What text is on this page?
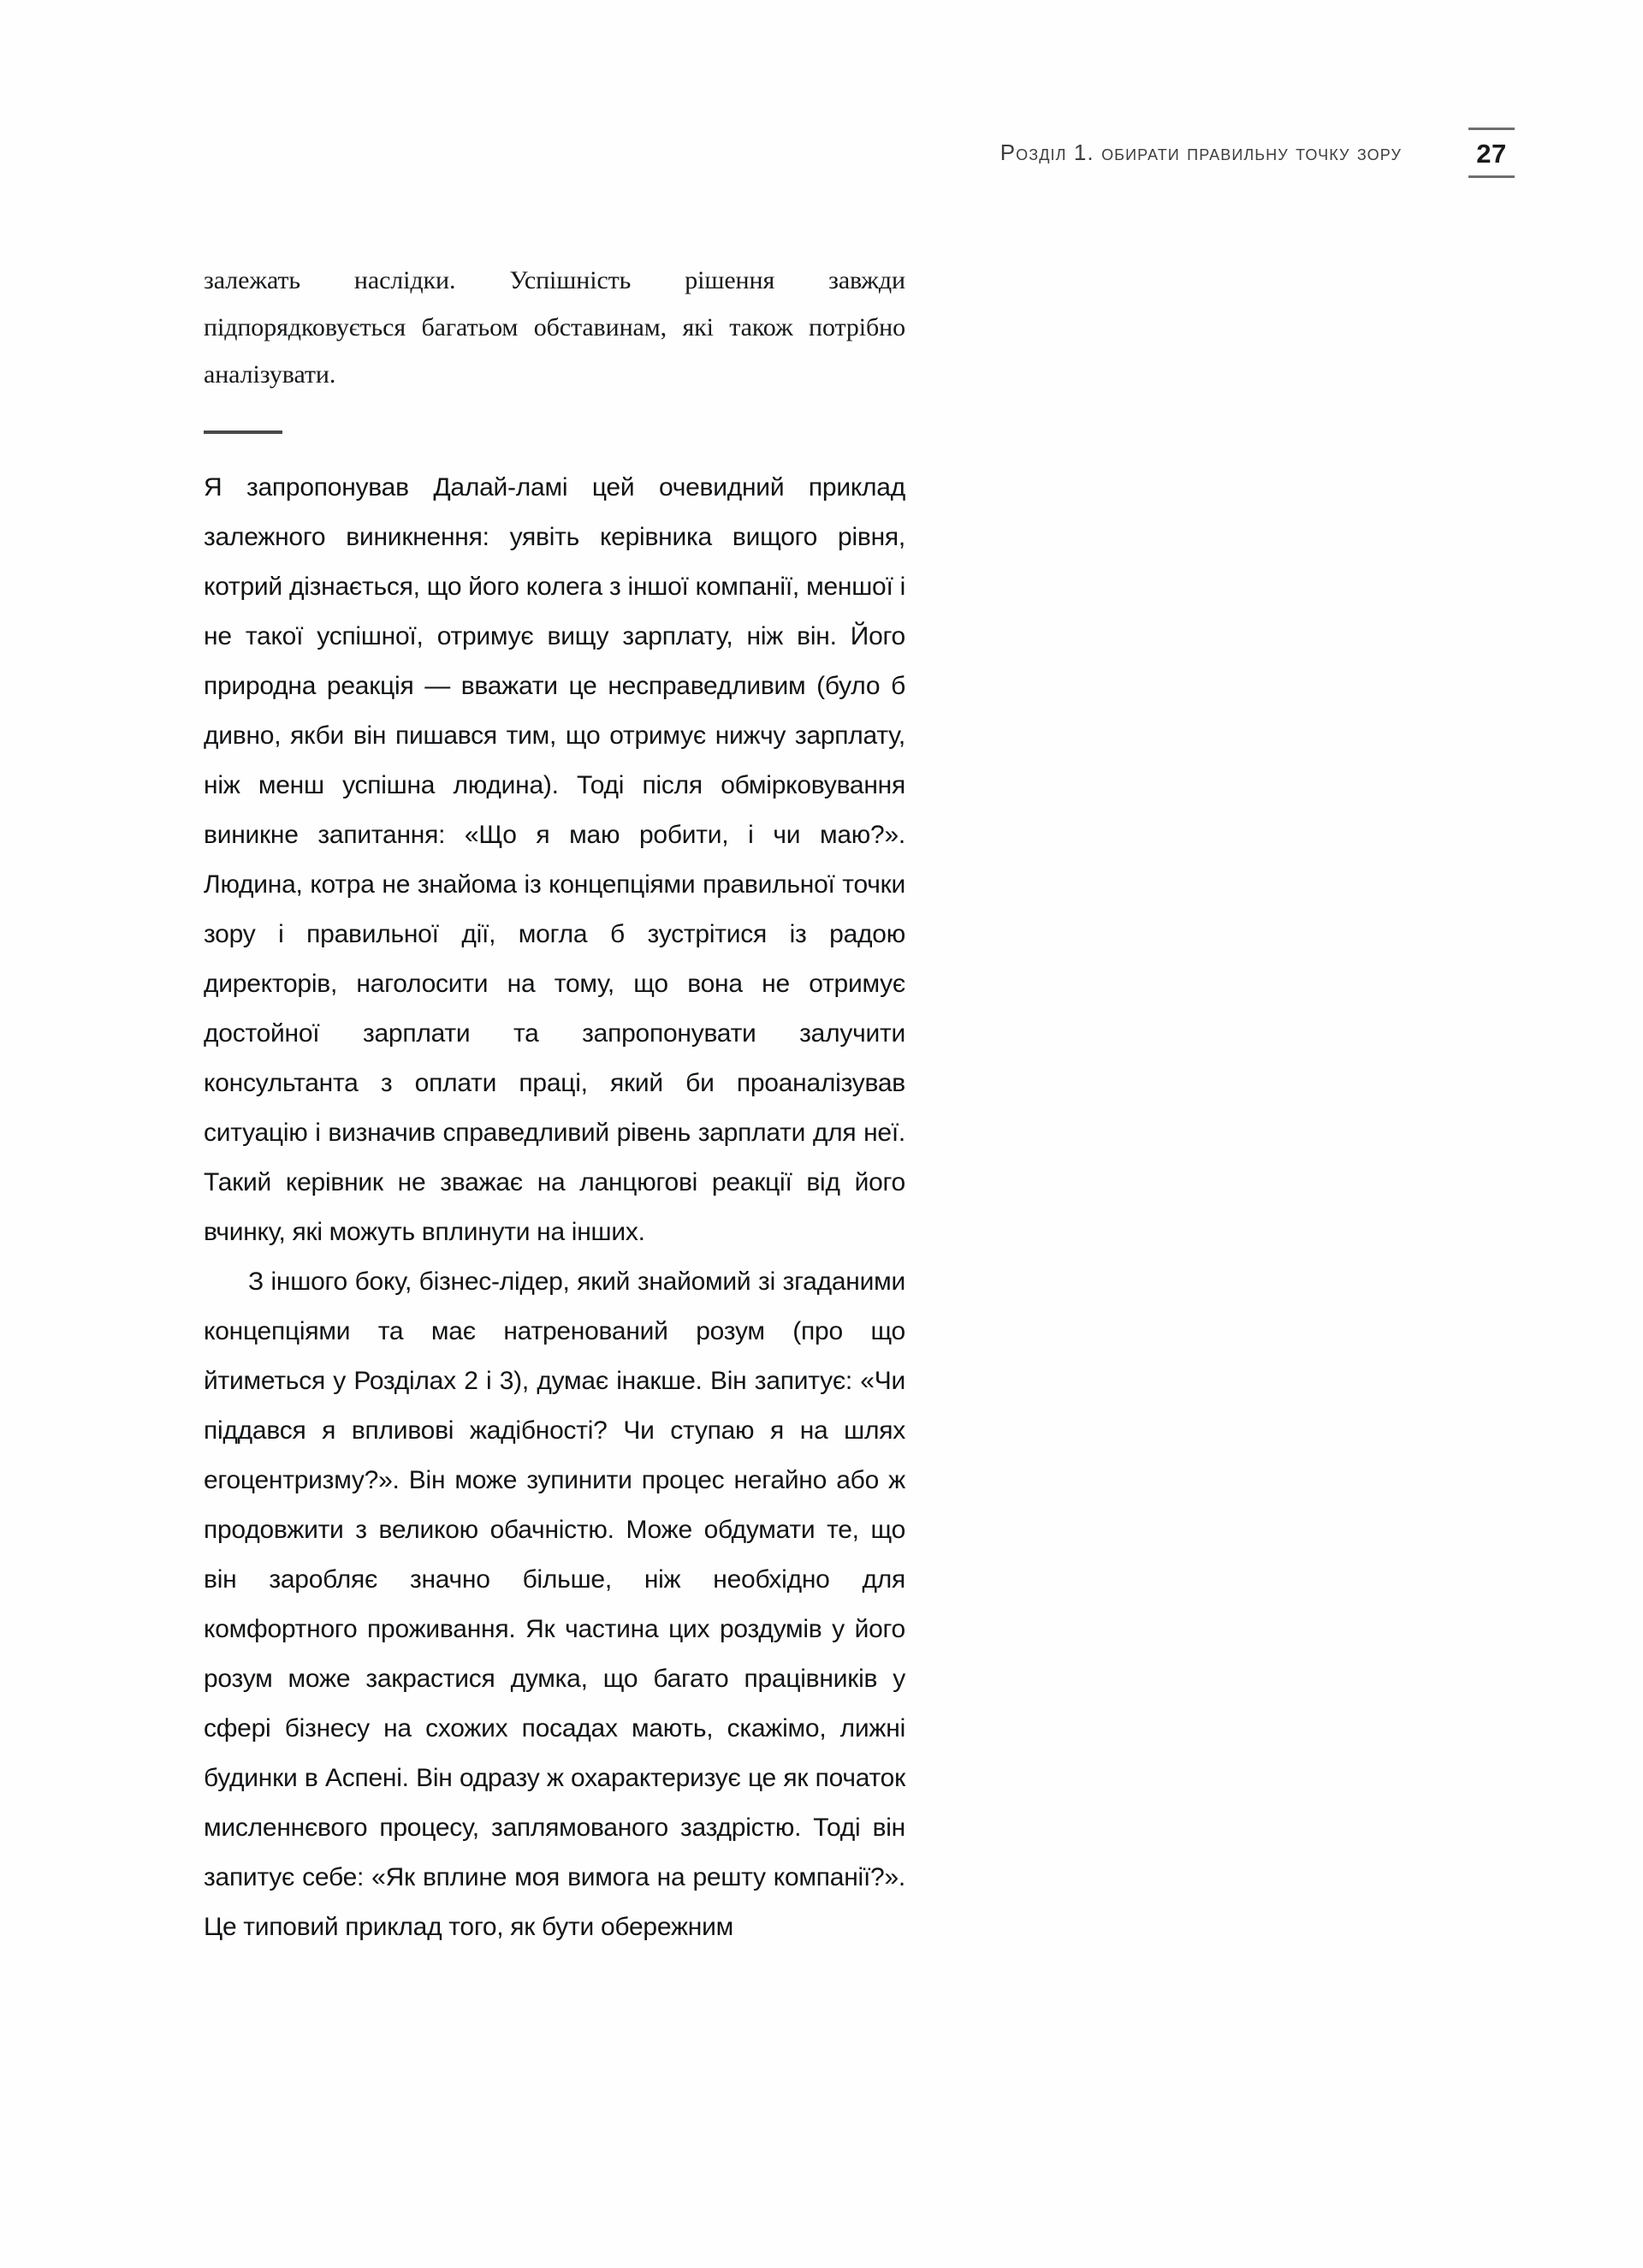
Розділ 1. обирати правильну точку зору	27

залежать наслідки. Успішність рішення завжди підпорядковується багатьом обставинам, які також потрібно аналізувати.

Я запропонував Далай-ламі цей очевидний приклад залежного виникнення: уявіть керівника вищого рівня, котрий дізнається, що його колега з іншої компанії, меншої і не такої успішної, отримує вищу зарплату, ніж він. Його природна реакція — вважати це несправедливим (було б дивно, якби він пишався тим, що отримує нижчу зарплату, ніж менш успішна людина). Тоді після обмірковування виникне запитання: «Що я маю робити, і чи маю?». Людина, котра не знайома із концепціями правильної точки зору і правильної дії, могла б зустрітися із радою директорів, наголосити на тому, що вона не отримує достойної зарплати та запропонувати залучити консультанта з оплати праці, який би проаналізував ситуацію і визначив справедливий рівень зарплати для неї. Такий керівник не зважає на ланцюгові реакції від його вчинку, які можуть вплинути на інших.

З іншого боку, бізнес-лідер, який знайомий зі згаданими концепціями та має натренований розум (про що йтиметься у Розділах 2 і 3), думає інакше. Він запитує: «Чи піддався я впливові жадібності? Чи ступаю я на шлях егоцентризму?». Він може зупинити процес негайно або ж продовжити з великою обачністю. Може обдумати те, що він заробляє значно більше, ніж необхідно для комфортного проживання. Як частина цих роздумів у його розум може закрастися думка, що багато працівників у сфері бізнесу на схожих посадах мають, скажімо, лижні будинки в Аспені. Він одразу ж охарактеризує це як початок мисленнєвого процесу, заплямованого заздрістю. Тоді він запитує себе: «Як вплине моя вимога на решту компанії?». Це типовий приклад того, як бути обережним
